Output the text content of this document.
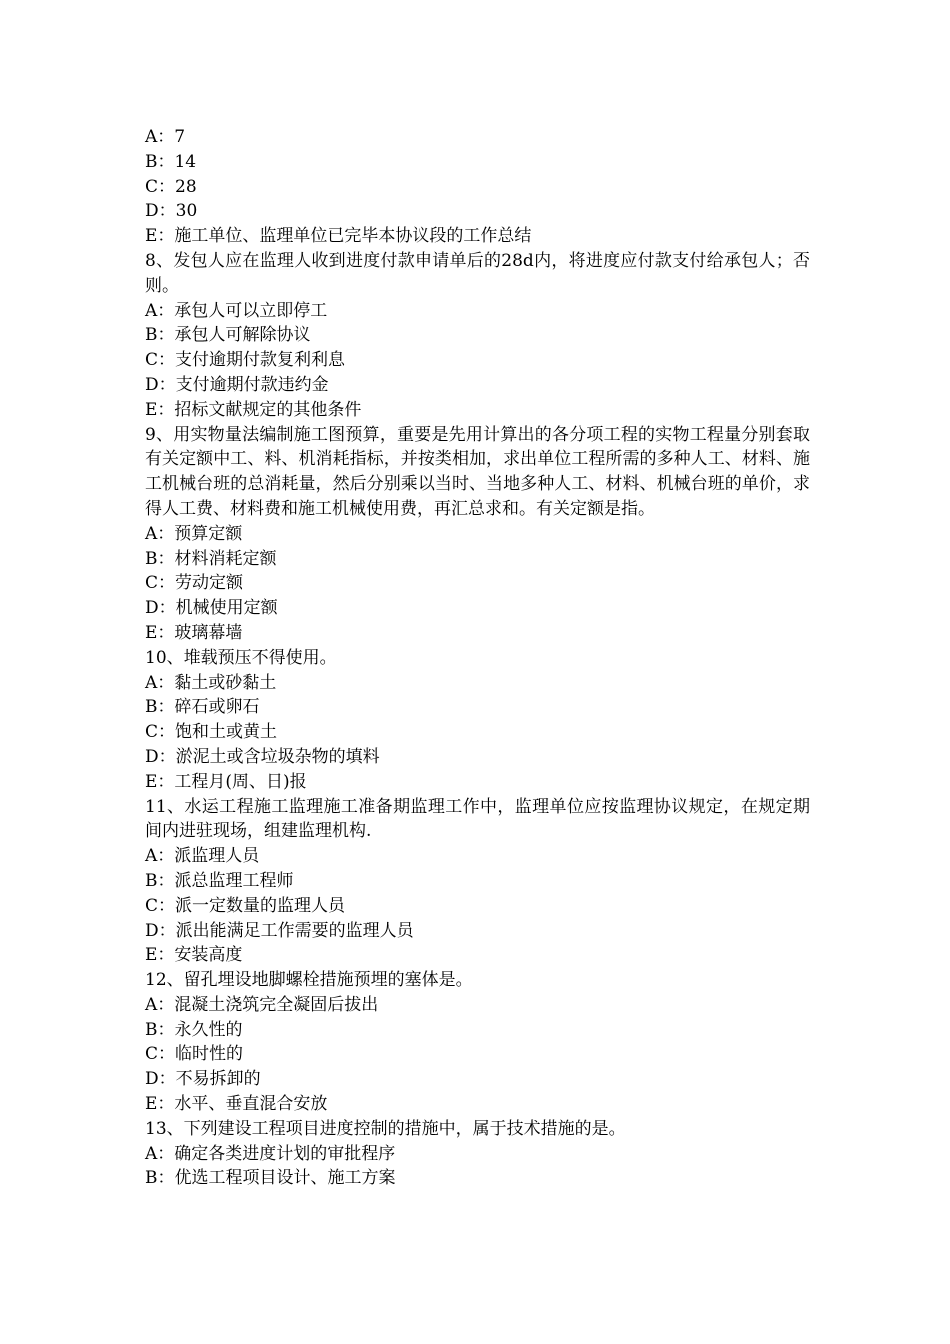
A：7

B：14

C：28

D：30

E：施工单位、监理单位已完毕本协议段的工作总结

8、发包人应在监理人收到进度付款申请单后的28d内，将进度应付款支付给承包人；否则。

A：承包人可以立即停工

B：承包人可解除协议

C：支付逾期付款复利利息

D：支付逾期付款违约金

E：招标文献规定的其他条件

9、用实物量法编制施工图预算，重要是先用计算出的各分项工程的实物工程量分别套取有关定额中工、料、机消耗指标，并按类相加，求出单位工程所需的多种人工、材料、施工机械台班的总消耗量，然后分别乘以当时、当地多种人工、材料、机械台班的单价，求得人工费、材料费和施工机械使用费，再汇总求和。有关定额是指。

A：预算定额

B：材料消耗定额

C：劳动定额

D：机械使用定额

E：玻璃幕墙

10、堆载预压不得使用。

A：黏土或砂黏土

B：碎石或卵石

C：饱和土或黄土

D：淤泥土或含垃圾杂物的填料

E：工程月(周、日)报

11、水运工程施工监理施工准备期监理工作中，监理单位应按监理协议规定，在规定期间内进驻现场，组建监理机构.

A：派监理人员

B：派总监理工程师

C：派一定数量的监理人员

D：派出能满足工作需要的监理人员

E：安装高度

12、留孔埋设地脚螺栓措施预埋的塞体是。

A：混凝土浇筑完全凝固后拔出

B：永久性的

C：临时性的

D：不易拆卸的

E：水平、垂直混合安放

13、下列建设工程项目进度控制的措施中，属于技术措施的是。

A：确定各类进度计划的审批程序

B：优选工程项目设计、施工方案
